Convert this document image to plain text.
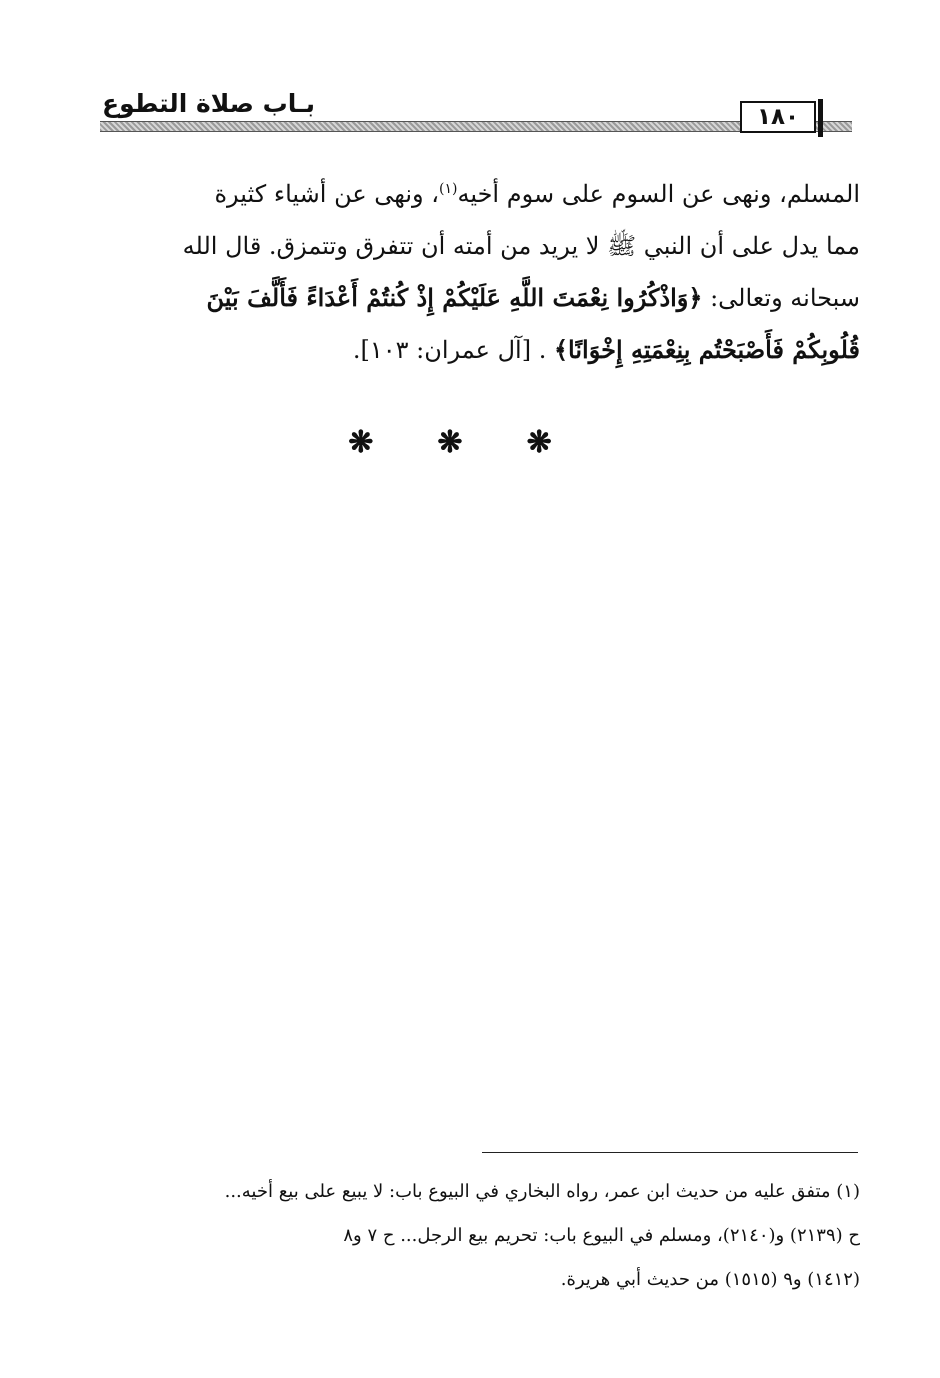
بـاب صلاة التطوع	١٨٠
المسلم، ونهى عن السوم على سوم أخيه$^{(١)}$، ونهى عن أشياء كثيرة
مما يدل على أن النبي ﷺ لا يريد من أمته أن تتفرق وتتمزق. قال الله
سبحانه وتعالى: ﴿وَاذْكُرُوا نِعْمَتَ اللَّهِ عَلَيْكُمْ إِذْ كُنتُمْ أَعْدَاءً فَأَلَّفَ بَيْنَ
قُلُوبِكُمْ فَأَصْبَحْتُم بِنِعْمَتِهِ إِخْوَانًا﴾ . [آل عمران: ١٠٣].
❋ ❋ ❋
(١) متفق عليه من حديث ابن عمر، رواه البخاري في البيوع باب: لا يبيع على بيع أخيه...
ح (٢١٣٩) و(٢١٤٠)، ومسلم في البيوع باب: تحريم بيع الرجل... ح ٧ و٨
(١٤١٢) و٩ (١٥١٥) من حديث أبي هريرة.
